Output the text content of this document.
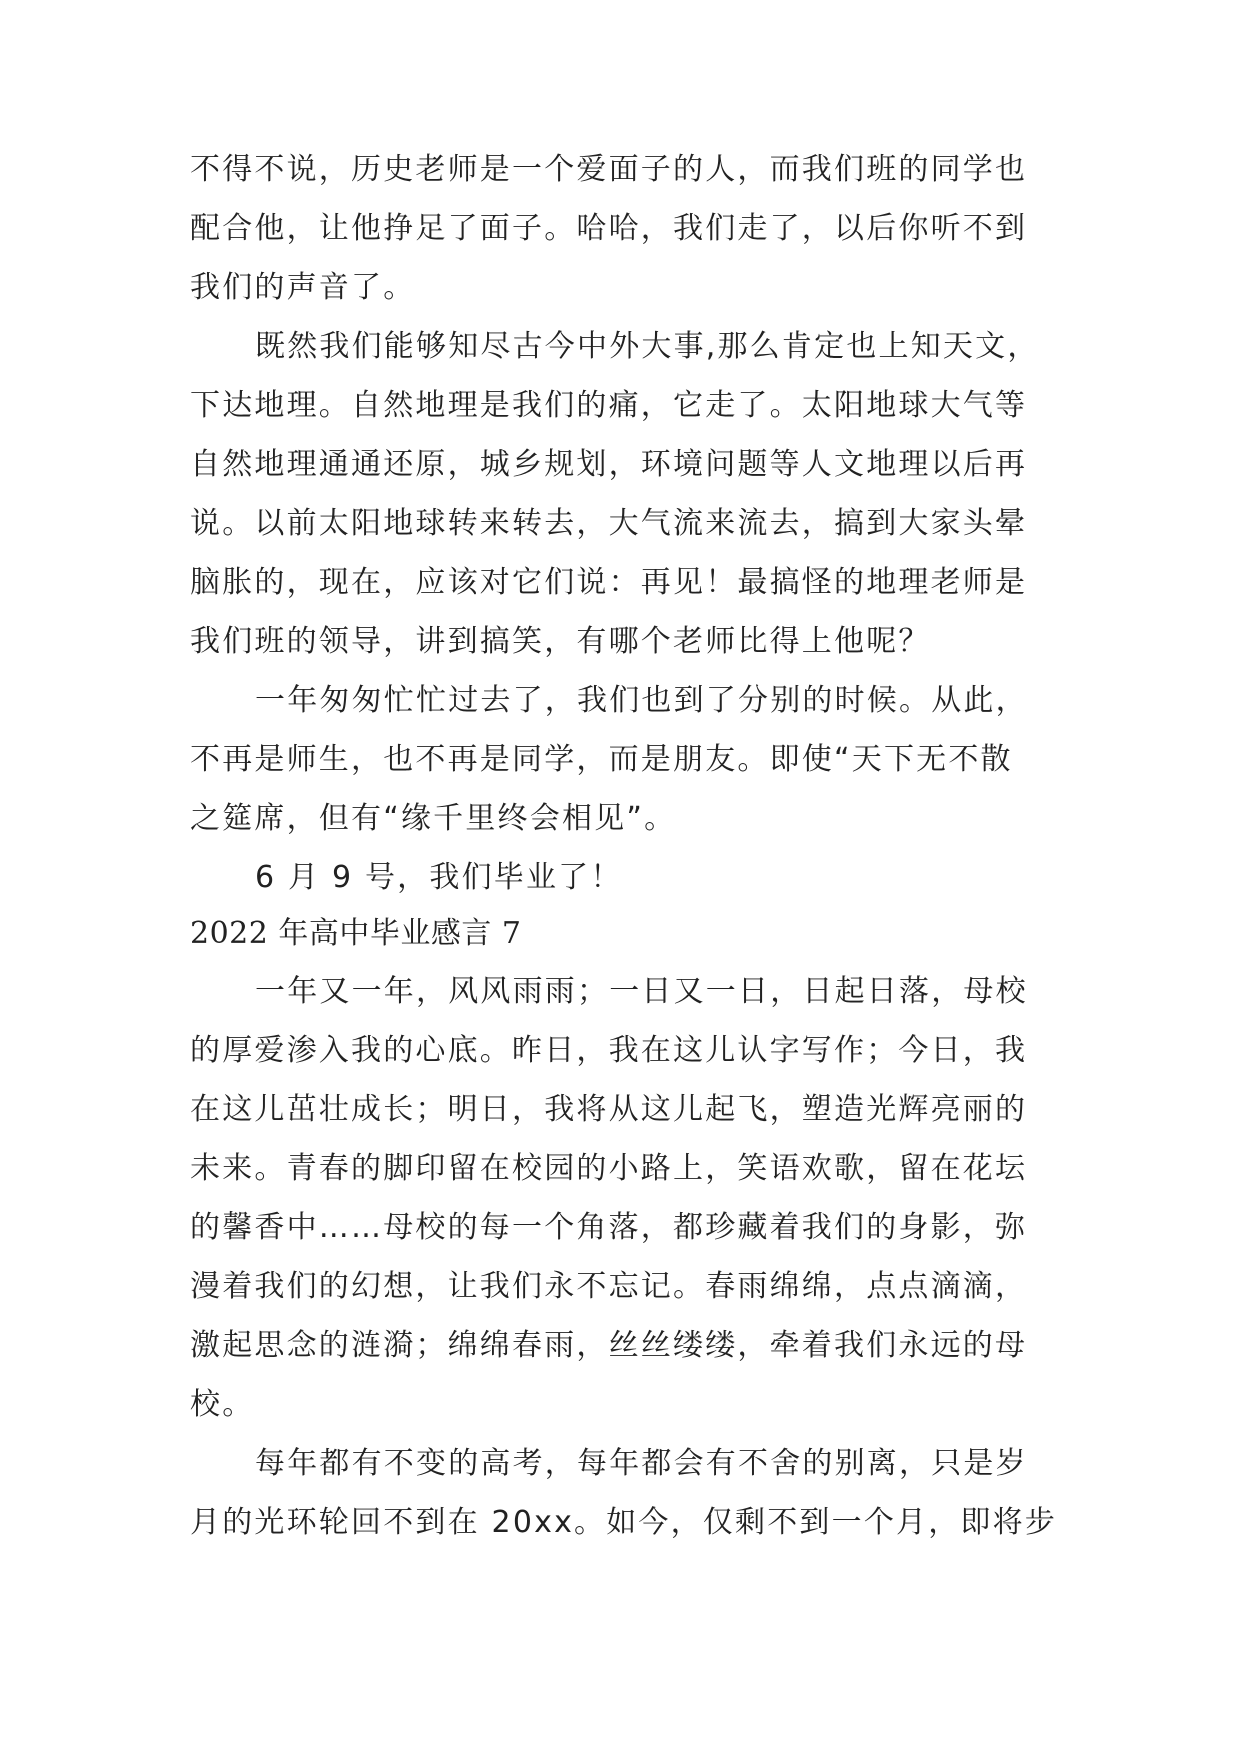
不得不说，历史老师是一个爱面子的人，而我们班的同学也
配合他，让他挣足了面子。哈哈，我们走了，以后你听不到
我们的声音了。
既然我们能够知尽古今中外大事,那么肯定也上知天文，
下达地理。自然地理是我们的痛，它走了。太阳地球大气等
自然地理通通还原，城乡规划，环境问题等人文地理以后再
说。以前太阳地球转来转去，大气流来流去，搞到大家头晕
脑胀的，现在，应该对它们说：再见！最搞怪的地理老师是
我们班的领导，讲到搞笑，有哪个老师比得上他呢？
一年匆匆忙忙过去了，我们也到了分别的时候。从此，
不再是师生，也不再是同学，而是朋友。即使“天下无不散
之筵席，但有“缘千里终会相见”。
6 月 9 号，我们毕业了！
2022 年高中毕业感言 7
一年又一年，风风雨雨；一日又一日，日起日落，母校
的厚爱渗入我的心底。昨日，我在这儿认字写作；今日，我
在这儿茁壮成长；明日，我将从这儿起飞，塑造光辉亮丽的
未来。青春的脚印留在校园的小路上，笑语欢歌，留在花坛
的馨香中……母校的每一个角落，都珍藏着我们的身影，弥
漫着我们的幻想，让我们永不忘记。春雨绵绵，点点滴滴，
激起思念的涟漪；绵绵春雨，丝丝缕缕，牵着我们永远的母
校。
每年都有不变的高考，每年都会有不舍的别离，只是岁
月的光环轮回不到在 20xx。如今，仅剩不到一个月，即将步
